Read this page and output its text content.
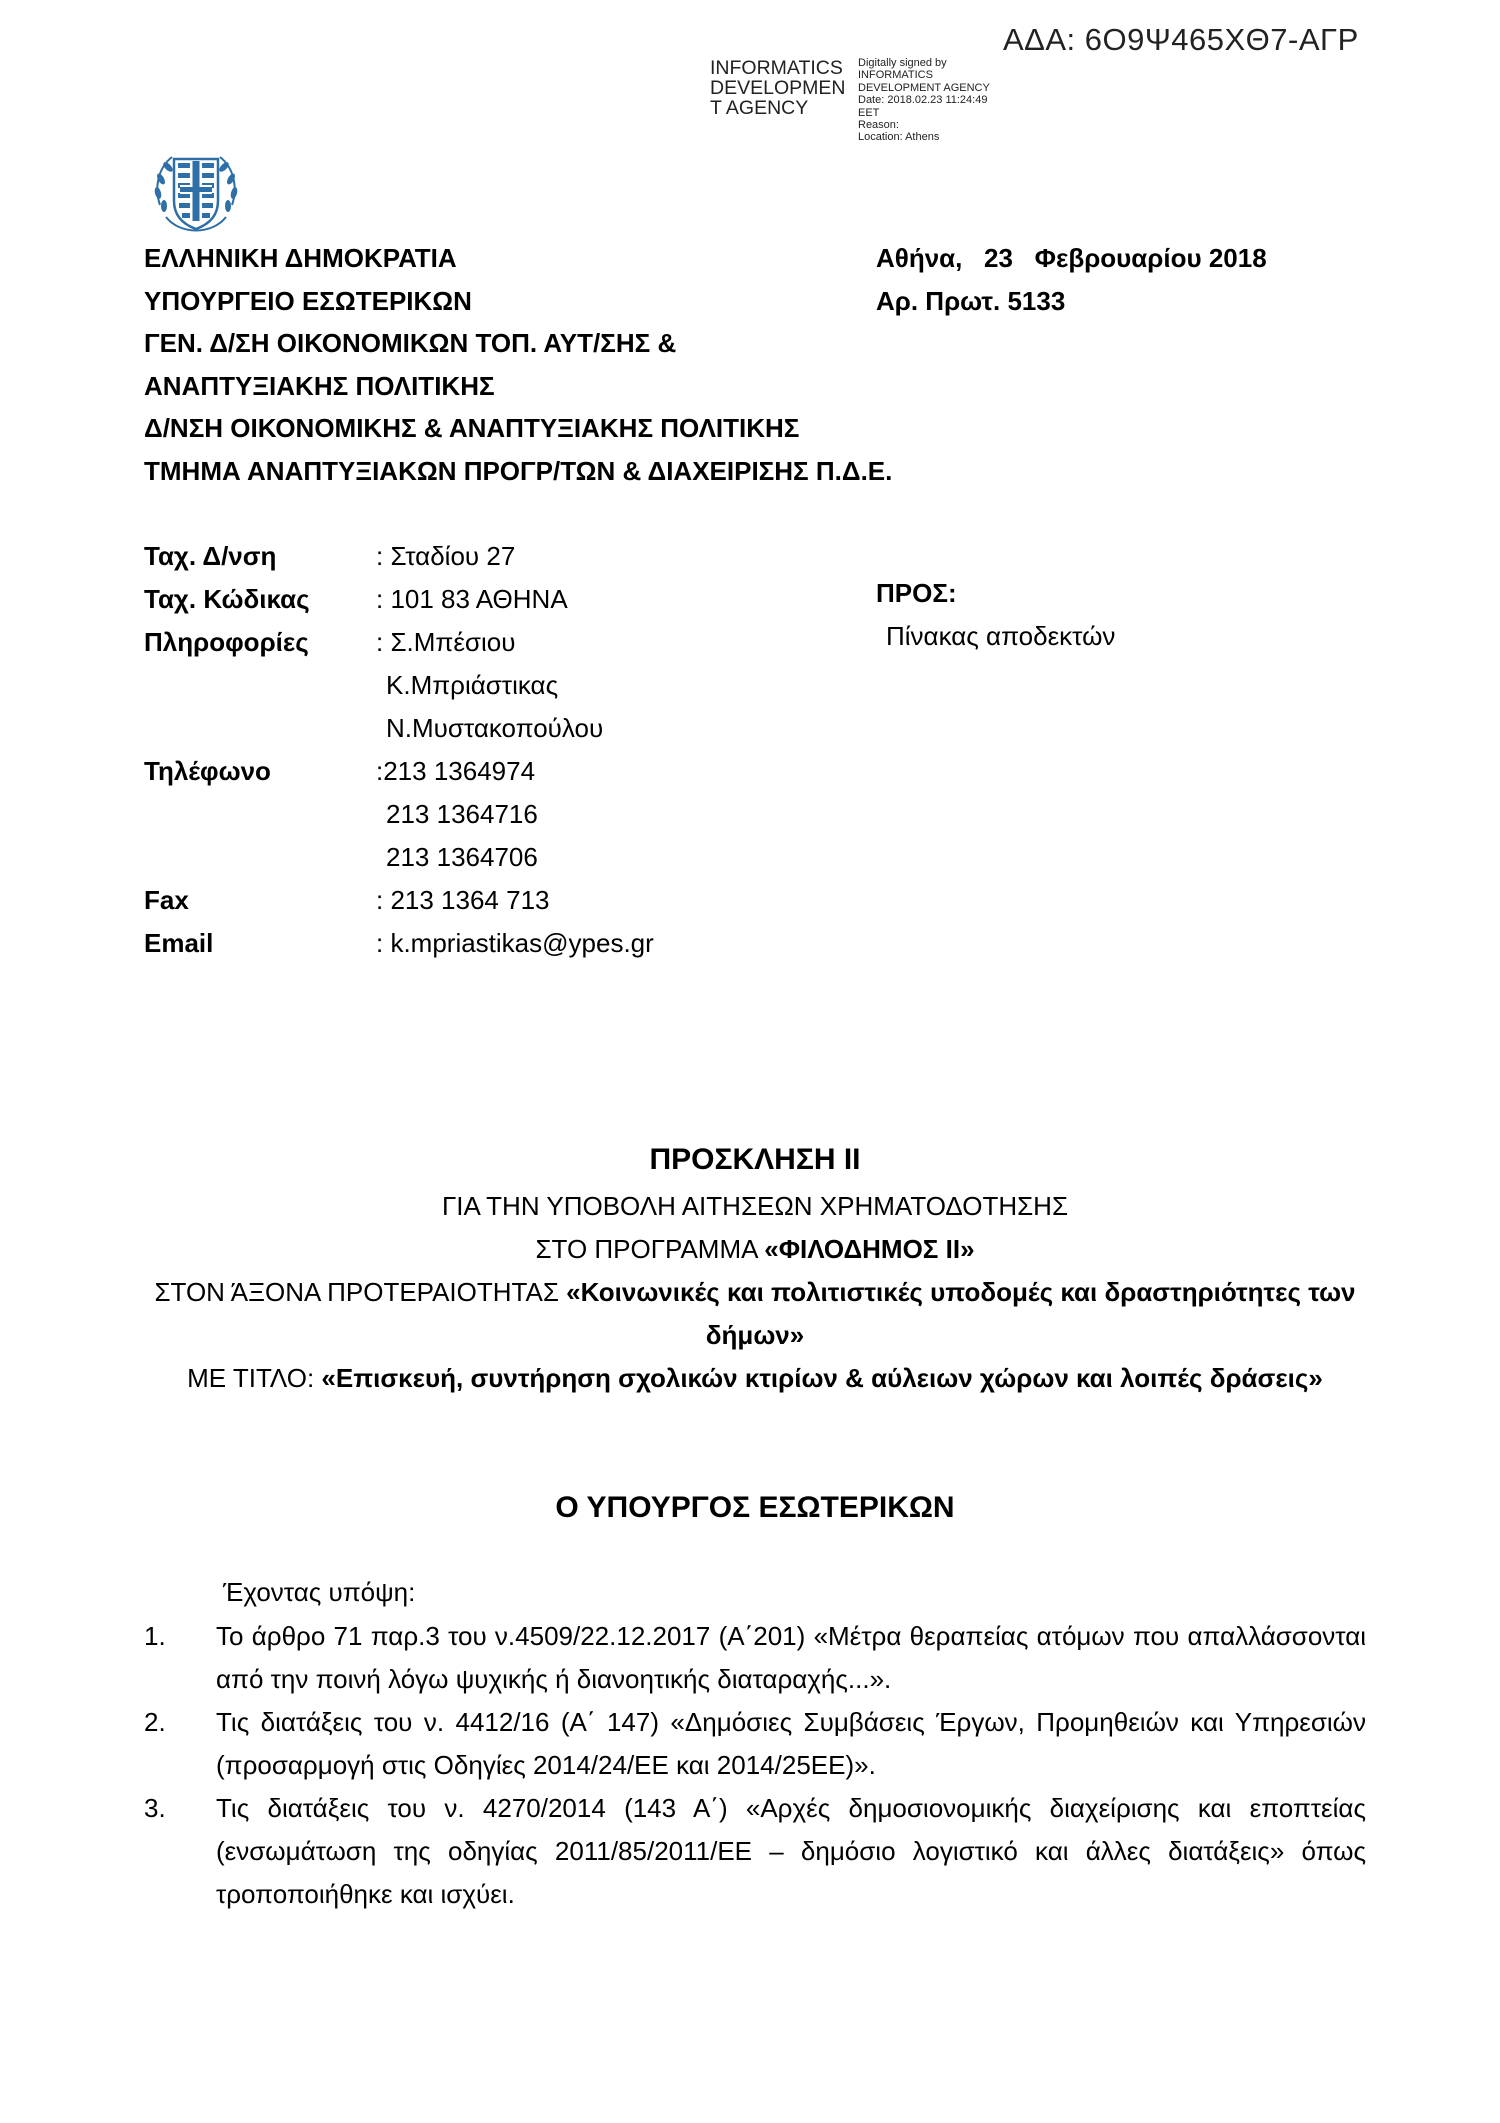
ΑΔΑ: 6Ο9Ψ465ΧΘ7-ΑΓΡ
INFORMATICS
DEVELOPMEN
T AGENCY
Digitally signed by
INFORMATICS
DEVELOPMENT AGENCY
Date: 2018.02.23 11:24:49
EET
Reason:
Location: Athens
ΕΛΛΗΝΙΚΗ ΔΗΜΟΚΡΑΤΙΑ
ΥΠΟΥΡΓΕΙΟ ΕΣΩΤΕΡΙΚΩΝ
ΓΕΝ. Δ/ΣΗ ΟΙΚΟΝΟΜΙΚΩΝ ΤΟΠ. ΑΥΤ/ΣΗΣ &
ΑΝΑΠΤΥΞΙΑΚΗΣ ΠΟΛΙΤΙΚΗΣ
Δ/ΝΣΗ ΟΙΚΟΝΟΜΙΚΗΣ & ΑΝΑΠΤΥΞΙΑΚΗΣ ΠΟΛΙΤΙΚΗΣ
ΤΜΗΜΑ ΑΝΑΠΤΥΞΙΑΚΩΝ ΠΡΟΓΡ/ΤΩΝ & ΔΙΑΧΕΙΡΙΣΗΣ Π.Δ.Ε.
Αθήνα,   23   Φεβρουαρίου 2018
Αρ. Πρωτ. 5133
Ταχ. Δ/νση
Ταχ. Κώδικας
Πληροφορίες

Τηλέφωνο

Fax
Email
: Σταδίου 27
: 101 83 ΑΘΗΝΑ
: Σ.Μπέσιου
Κ.Μπριάστικας
Ν.Μυστακοπούλου
:213 1364974
213 1364716
213 1364706
: 213 1364 713
: k.mpriastikas@ypes.gr
ΠΡΟΣ:
Πίνακας αποδεκτών
ΠΡΟΣΚΛΗΣΗ ΙΙ
ΓΙΑ ΤΗΝ ΥΠΟΒΟΛΗ ΑΙΤΗΣΕΩΝ ΧΡΗΜΑΤΟΔΟΤΗΣΗΣ
ΣΤΟ ΠΡΟΓΡΑΜΜΑ «ΦΙΛΟΔΗΜΟΣ ΙΙ»
ΣΤΟΝ ΆΞΟΝΑ ΠΡΟΤΕΡΑΙΟΤΗΤΑΣ «Κοινωνικές και πολιτιστικές υποδομές και δραστηριότητες των δήμων»
ΜΕ ΤΙΤΛΟ: «Επισκευή, συντήρηση σχολικών κτιρίων & αύλειων χώρων και λοιπές δράσεις»
Ο ΥΠΟΥΡΓΟΣ ΕΣΩΤΕΡΙΚΩΝ
Έχοντας υπόψη:
1. Το άρθρο 71 παρ.3 του ν.4509/22.12.2017 (Α΄201) «Μέτρα θεραπείας ατόμων που απαλλάσσονται από την ποινή λόγω ψυχικής ή διανοητικής διαταραχής...».
2. Τις διατάξεις του ν. 4412/16 (Α΄ 147) «Δημόσιες Συμβάσεις Έργων, Προμηθειών και Υπηρεσιών (προσαρμογή στις Οδηγίες 2014/24/ΕΕ και 2014/25ΕΕ)».
3. Τις διατάξεις του ν. 4270/2014 (143 Α΄) «Αρχές δημοσιονομικής διαχείρισης και εποπτείας (ενσωμάτωση της οδηγίας 2011/85/2011/ΕΕ – δημόσιο λογιστικό και άλλες διατάξεις» όπως τροποποιήθηκε και ισχύει.
